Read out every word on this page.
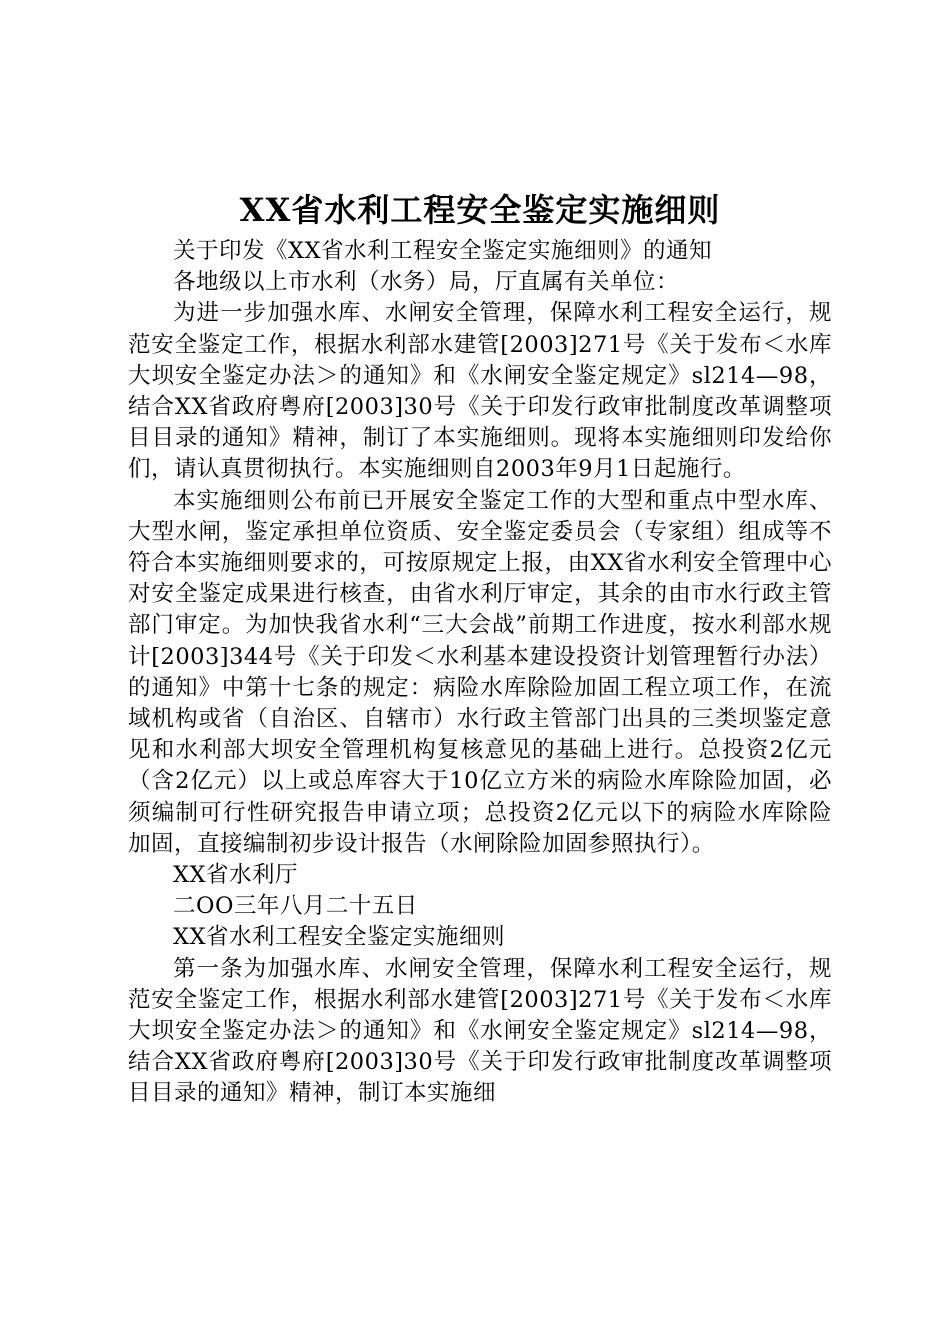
XX省水利工程安全鉴定实施细则

关于印发《XX省水利工程安全鉴定实施细则》的通知

各地级以上市水利（水务）局，厅直属有关单位：

为进一步加强水库、水闸安全管理，保障水利工程安全运行，规范安全鉴定工作，根据水利部水建管[2003]271号《关于发布＜水库大坝安全鉴定办法＞的通知》和《水闸安全鉴定规定》sl214—98，结合XX省政府粤府[2003]30号《关于印发行政审批制度改革调整项目目录的通知》精神，制订了本实施细则。现将本实施细则印发给你们，请认真贯彻执行。本实施细则自2003年9月1日起施行。

本实施细则公布前已开展安全鉴定工作的大型和重点中型水库、大型水闸，鉴定承担单位资质、安全鉴定委员会（专家组）组成等不符合本实施细则要求的，可按原规定上报，由XX省水利安全管理中心对安全鉴定成果进行核查，由省水利厅审定，其余的由市水行政主管部门审定。为加快我省水利“三大会战”前期工作进度，按水利部水规计[2003]344号《关于印发＜水利基本建设投资计划管理暂行办法）的通知》中第十七条的规定：病险水库除险加固工程立项工作，在流域机构或省（自治区、自辖市）水行政主管部门出具的三类坝鉴定意见和水利部大坝安全管理机构复核意见的基础上进行。总投资2亿元（含2亿元）以上或总库容大于10亿立方米的病险水库除险加固，必须编制可行性研究报告申请立项；总投资2亿元以下的病险水库除险加固，直接编制初步设计报告（水闸除险加固参照执行）。

XX省水利厅

二OO三年八月二十五日

XX省水利工程安全鉴定实施细则

第一条为加强水库、水闸安全管理，保障水利工程安全运行，规范安全鉴定工作，根据水利部水建管[2003]271号《关于发布＜水库大坝安全鉴定办法＞的通知》和《水闸安全鉴定规定》sl214—98，结合XX省政府粤府[2003]30号《关于印发行政审批制度改革调整项目目录的通知》精神，制订本实施细
